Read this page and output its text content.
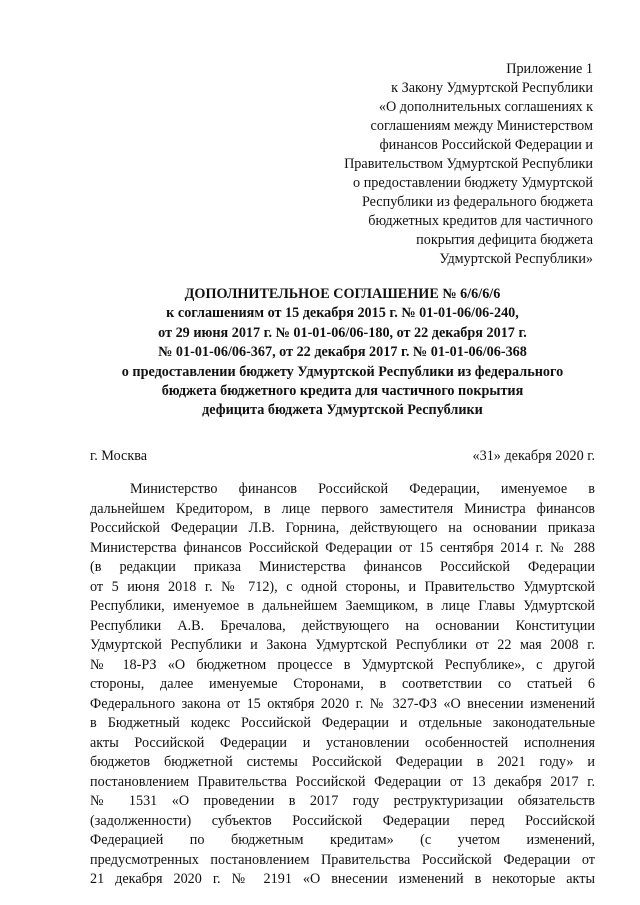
Приложение 1
к Закону Удмуртской Республики
«О дополнительных соглашениях к
соглашениям между Министерством
финансов Российской Федерации и
Правительством Удмуртской Республики
о предоставлении бюджету Удмуртской
Республики из федерального бюджета
бюджетных кредитов для частичного
покрытия дефицита бюджета
Удмуртской Республики»
ДОПОЛНИТЕЛЬНОЕ СОГЛАШЕНИЕ № 6/6/6/6
к соглашениям от 15 декабря 2015 г. № 01-01-06/06-240,
от 29 июня 2017 г. № 01-01-06/06-180, от 22 декабря 2017 г.
№ 01-01-06/06-367, от 22 декабря 2017 г. № 01-01-06/06-368
о предоставлении бюджету Удмуртской Республики из федерального
бюджета бюджетного кредита для частичного покрытия
дефицита бюджета Удмуртской Республики
г. Москва	«31» декабря 2020 г.
Министерство финансов Российской Федерации, именуемое в
дальнейшем Кредитором, в лице первого заместителя Министра финансов
Российской Федерации Л.В. Горнина, действующего на основании приказа
Министерства финансов Российской Федерации от 15 сентября 2014 г. № 288
(в редакции приказа Министерства финансов Российской Федерации
от 5 июня 2018 г. № 712), с одной стороны, и Правительство Удмуртской
Республики, именуемое в дальнейшем Заемщиком, в лице Главы Удмуртской
Республики А.В. Бречалова, действующего на основании Конституции
Удмуртской Республики и Закона Удмуртской Республики от 22 мая 2008 г.
№ 18-РЗ «О бюджетном процессе в Удмуртской Республике», с другой
стороны, далее именуемые Сторонами, в соответствии со статьей 6
Федерального закона от 15 октября 2020 г. № 327-ФЗ «О внесении изменений
в Бюджетный кодекс Российской Федерации и отдельные законодательные
акты Российской Федерации и установлении особенностей исполнения
бюджетов бюджетной системы Российской Федерации в 2021 году» и
постановлением Правительства Российской Федерации от 13 декабря 2017 г.
№ 1531 «О проведении в 2017 году реструктуризации обязательств
(задолженности) субъектов Российской Федерации перед Российской
Федерацией по бюджетным кредитам» (с учетом изменений,
предусмотренных постановлением Правительства Российской Федерации от
21 декабря 2020 г. № 2191 «О внесении изменений в некоторые акты
